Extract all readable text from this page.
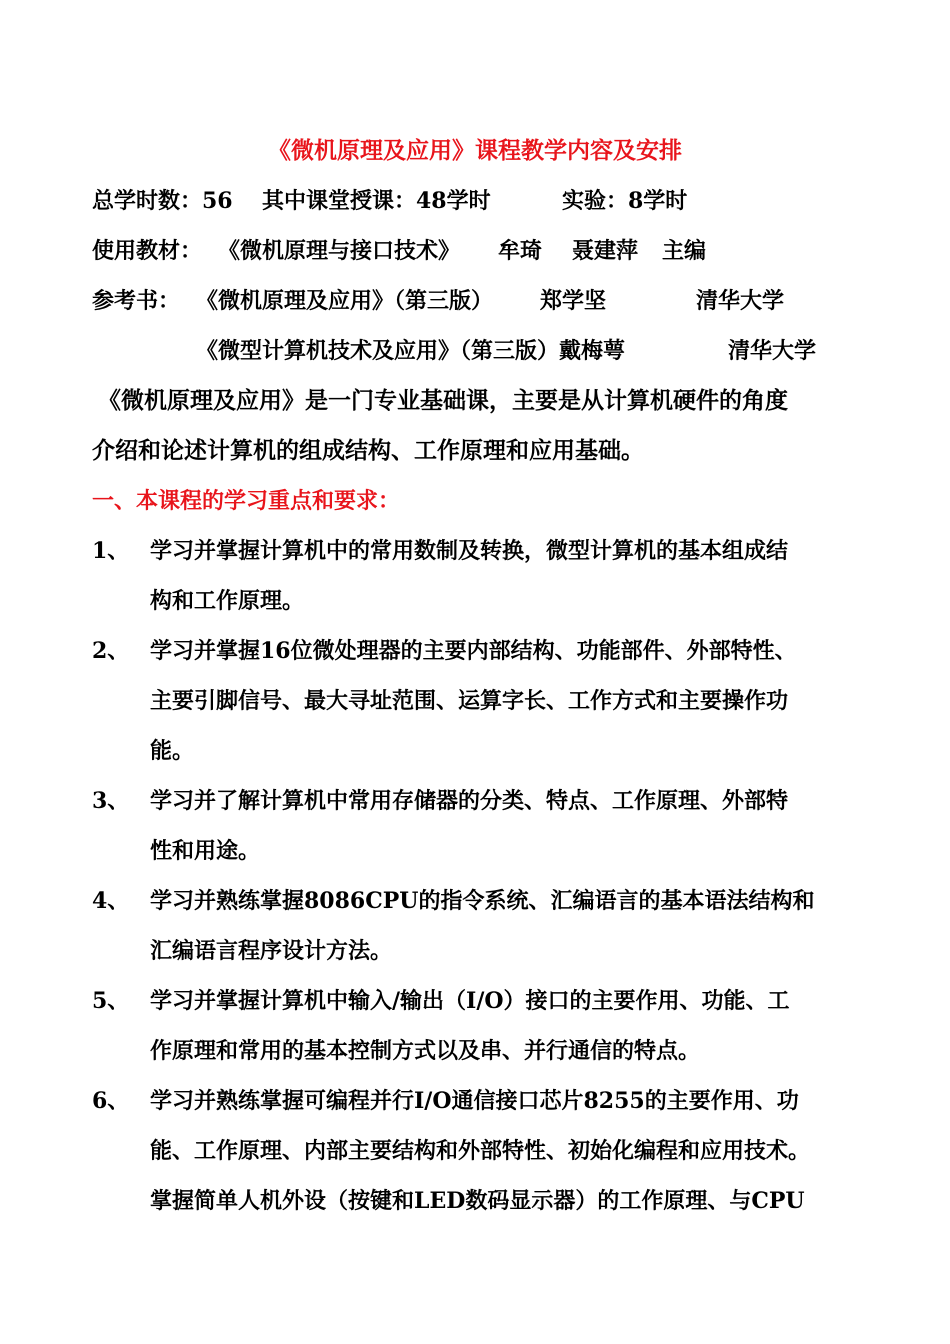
《微机原理及应用》课程教学内容及安排
总学时数：56 其中课堂授课：48学时	实验：8学时
使用教材： 《微机原理与接口技术》 牟琦 聂建萍 主编
参考书： 《微机原理及应用》（第三版） 郑学坚	清华大学
《微型计算机技术及应用》（第三版）戴梅萼	清华大学
《微机原理及应用》是一门专业基础课，主要是从计算机硬件的角度
介绍和论述计算机的组成结构、工作原理和应用基础。
一、本课程的学习重点和要求：
1、 学习并掌握计算机中的常用数制及转换，微型计算机的基本组成结
构和工作原理。
2、 学习并掌握16位微处理器的主要内部结构、功能部件、外部特性、
主要引脚信号、最大寻址范围、运算字长、工作方式和主要操作功
能。
3、 学习并了解计算机中常用存储器的分类、特点、工作原理、外部特
性和用途。
4、 学习并熟练掌握8086CPU的指令系统、汇编语言的基本语法结构和
汇编语言程序设计方法。
5、 学习并掌握计算机中输入/输出（I/O）接口的主要作用、功能、工
作原理和常用的基本控制方式以及串、并行通信的特点。
6、 学习并熟练掌握可编程并行I/O通信接口芯片8255的主要作用、功
能、工作原理、内部主要结构和外部特性、初始化编程和应用技术。
掌握简单人机外设（按键和LED数码显示器）的工作原理、与CPU
